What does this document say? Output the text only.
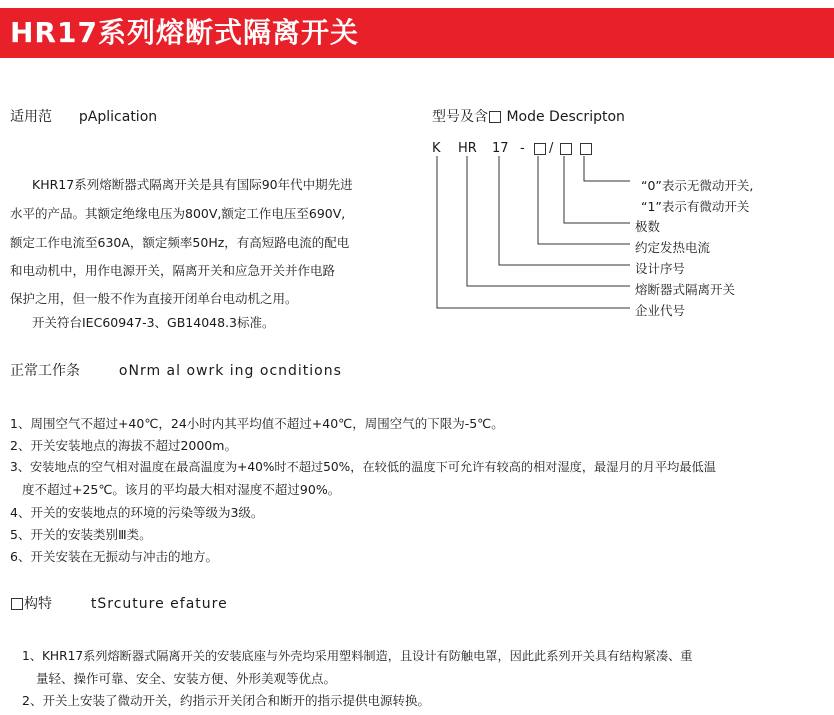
HR17系列熔断式隔离开关
适用范 pAplication
KHR17系列熔断器式隔离开关是具有国际90年代中期先进
水平的产品。其额定绝缘电压为800V,额定工作电压至690V,
额定工作电流至630A，额定频率50Hz，有高短路电流的配电
和电动机中，用作电源开关，隔离开关和应急开关并作电路
保护之用，但一般不作为直接开闭单台电动机之用。
开关符台IEC60947-3、GB14048.3标准。
型号及含 Mode Descripton
K HR 17 - /
“0”表示无微动开关,
“1”表示有微动开关
极数
约定发热电流
设计序号
熔断器式隔离开关
企业代号
正常工作条	oNrm al owrk ing ocnditions
1、周围空气不超过+40℃，24小时内其平均值不超过+40℃，周围空气的下限为-5℃。
2、开关安装地点的海拔不超过2000m。
3、安装地点的空气相对温度在最高温度为+40%时不超过50%，在较低的温度下可允许有较高的相对湿度，最湿月的月平均最低温
度不超过+25℃。该月的平均最大相对湿度不超过90%。
4、开关的安装地点的环境的污染等级为3级。
5、开关的安装类别Ⅲ类。
6、开关安装在无振动与冲击的地方。
构特	tSrcuture efature
1、KHR17系列熔断器式隔离开关的安装底座与外壳均采用塑料制造，且设计有防触电罩，因此此系列开关具有结构紧凑、重
量轻、操作可靠、安全、安装方便、外形美观等优点。
2、开关上安装了微动开关，约指示开关闭合和断开的指示提供电源转换。
